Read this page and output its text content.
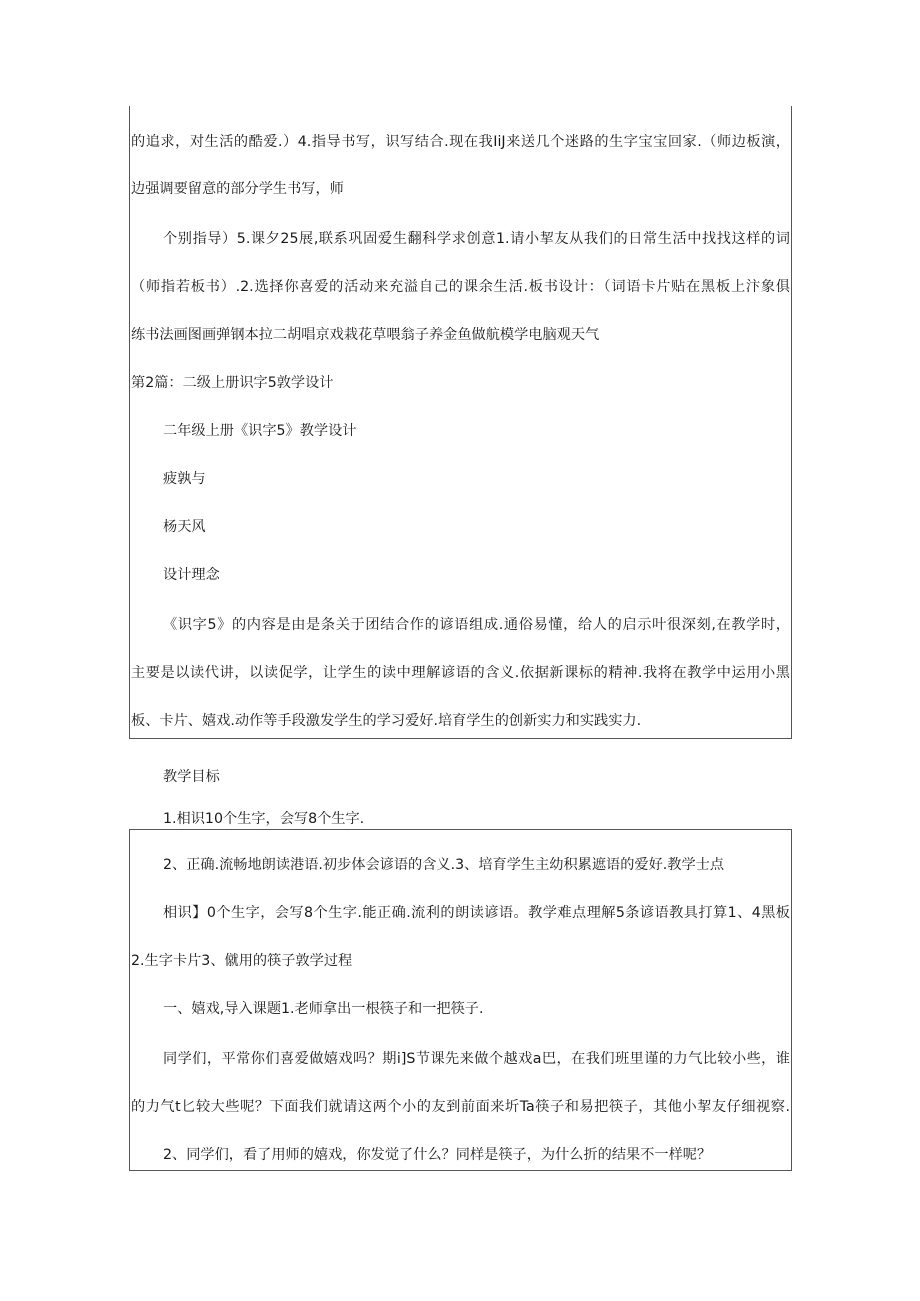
的追求，对生活的酷爱.）4.指导书写，识写结合.现在我IiJ来送几个迷路的生字宝宝回家.（师边板演，
边强调要留意的部分学生书写，师
个别指导）5.课夕25展,联系巩固爱生翻科学求创意1.请小挈友从我们的日常生活中找找这样的词
（师指若板书）.2.选择你喜爱的活动来充溢自己的课余生活.板书设计：（词语卡片贴在黑板上汴象俱
练书法画图画弹钢本拉二胡唱京戏栽花草喂翁子养金鱼做航模学电脑观天气
第2篇：二级上册识字5敦学设计
二年级上册《识字5》教学设计
疲孰与
杨天风
设计理念
《识字5》的内容是由是条关于团结合作的谚语组成.通俗易懂，给人的启示叶很深刻,在教学时，
主要是以读代讲，以读促学，让学生的读中理解谚语的含义.依据新课标的精神.我将在教学中运用小黑
板、卡片、嬉戏.动作等手段激发学生的学习爱好.培育学生的创新实力和实践实力.
教学目标
1.相识10个生字，会写8个生字.
2、正确.流畅地朗读港语.初步体会谚语的含义.3、培育学生主幼积累遮语的爱好.教学士点
相识】0个生字，会写8个生字.能正确.流利的朗读谚语。教学难点理解5条谚语教具打算1、4黑板
2.生字卡片3、僦用的筷子敦学过程
一、嬉戏,导入课题1.老师拿出一根筷子和一把筷子.
同学们，平常你们喜爱做嬉戏吗？期i]S节课先来做个越戏a巴，在我们班里谨的力气比较小些，谁
的力气t匕较大些呢？下面我们就请这两个小的友到前面来圻Ta筷子和易把筷子，其他小挈友仔细视察.
2、同学们，看了用师的嬉戏，你发觉了什么？同样是筷子，为什么折的结果不一样呢？
